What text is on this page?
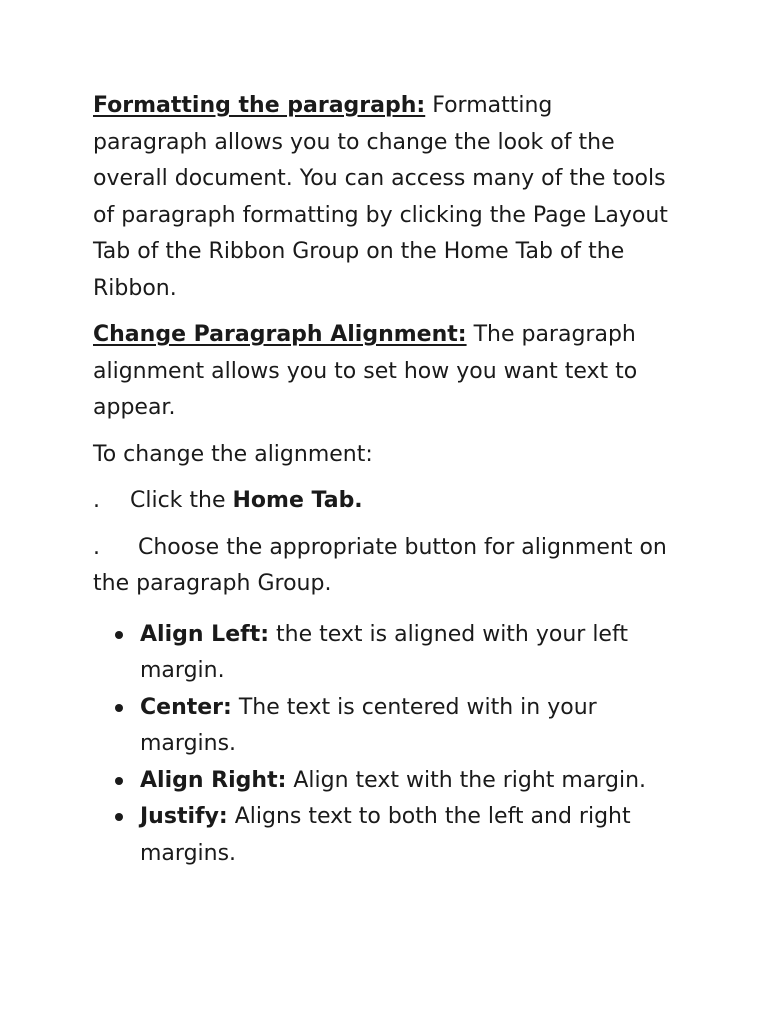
Formatting the paragraph: Formatting paragraph allows you to change the look of the overall document. You can access many of the tools of paragraph formatting by clicking the Page Layout Tab of the Ribbon Group on the Home Tab of the Ribbon.

Change Paragraph Alignment: The paragraph alignment allows you to set how you want text to appear.

To change the alignment:

. Click the Home Tab.

. Choose the appropriate button for alignment on the paragraph Group.

Align Left: the text is aligned with your left margin.
Center: The text is centered with in your margins.
Align Right: Align text with the right margin.
Justify: Aligns text to both the left and right margins.
